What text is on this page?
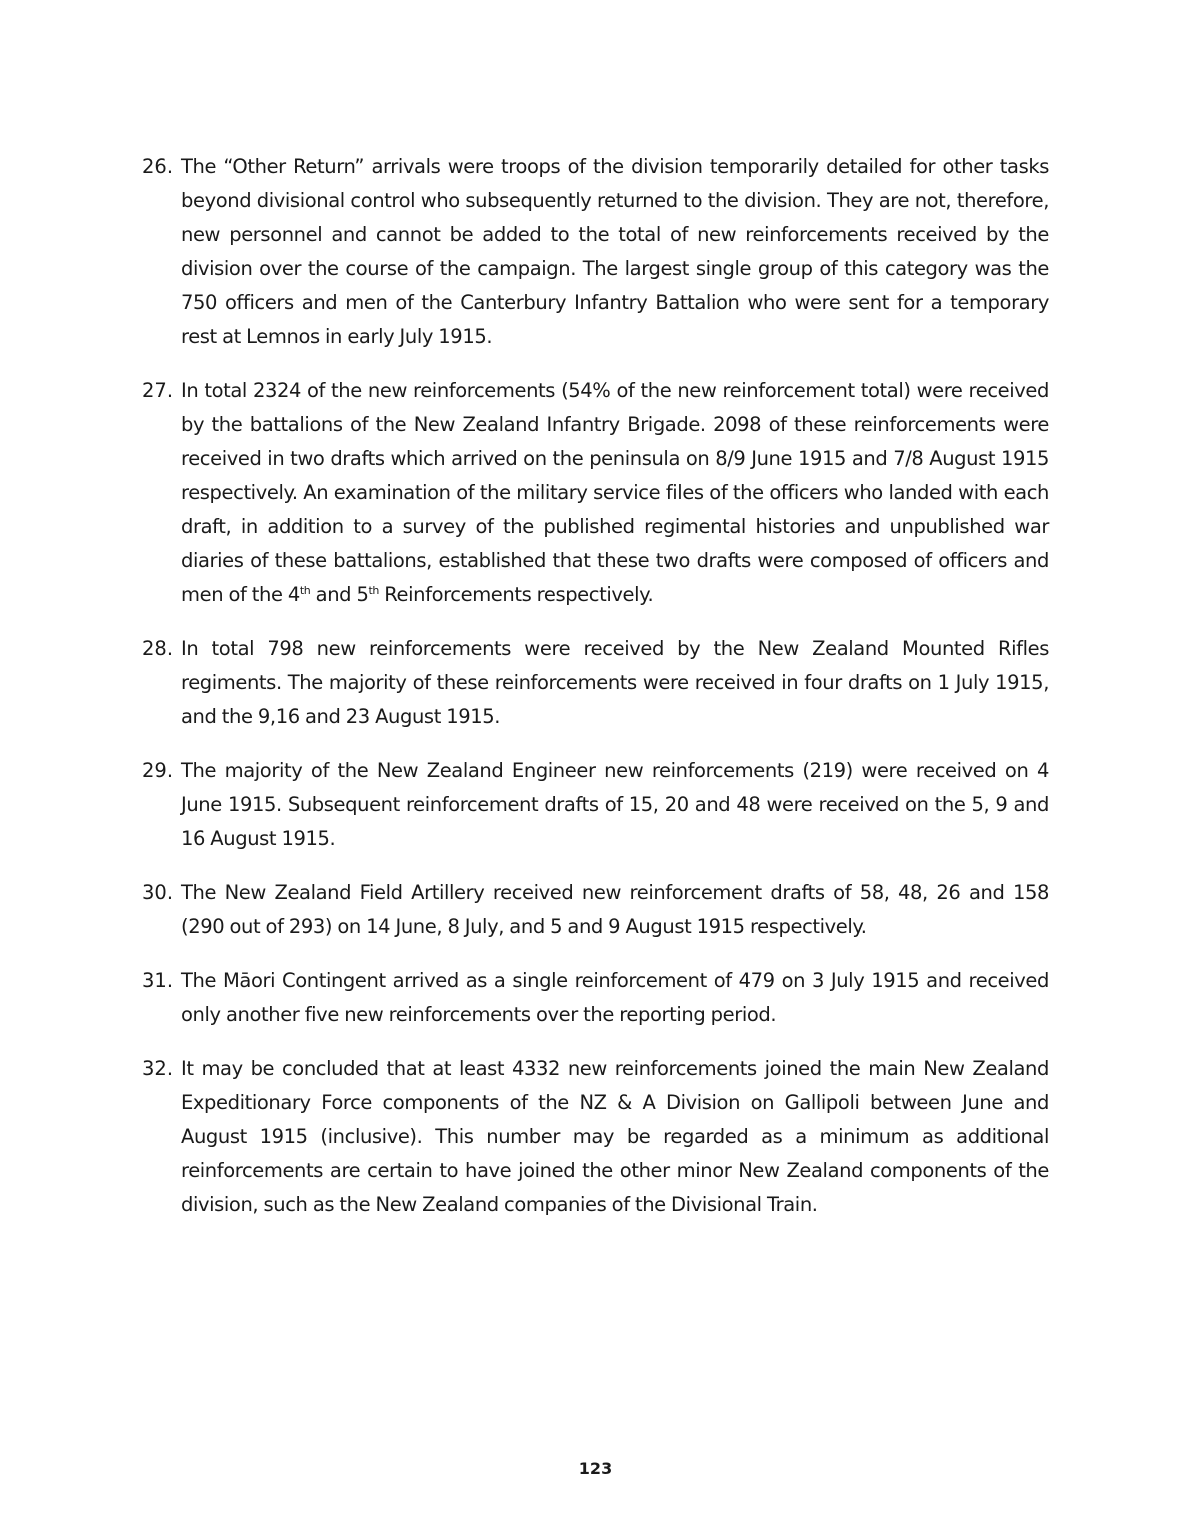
26. The “Other Return” arrivals were troops of the division temporarily detailed for other tasks beyond divisional control who subsequently returned to the division. They are not, therefore, new personnel and cannot be added to the total of new reinforcements received by the division over the course of the campaign. The largest single group of this category was the 750 officers and men of the Canterbury Infantry Battalion who were sent for a temporary rest at Lemnos in early July 1915.
27. In total 2324 of the new reinforcements (54% of the new reinforcement total) were received by the battalions of the New Zealand Infantry Brigade. 2098 of these reinforcements were received in two drafts which arrived on the peninsula on 8/9 June 1915 and 7/8 August 1915 respectively. An examination of the military service files of the officers who landed with each draft, in addition to a survey of the published regimental histories and unpublished war diaries of these battalions, established that these two drafts were composed of officers and men of the 4th and 5th Reinforcements respectively.
28. In total 798 new reinforcements were received by the New Zealand Mounted Rifles regiments. The majority of these reinforcements were received in four drafts on 1 July 1915, and the 9,16 and 23 August 1915.
29. The majority of the New Zealand Engineer new reinforcements (219) were received on 4 June 1915. Subsequent reinforcement drafts of 15, 20 and 48 were received on the 5, 9 and 16 August 1915.
30. The New Zealand Field Artillery received new reinforcement drafts of 58, 48, 26 and 158 (290 out of 293) on 14 June, 8 July, and 5 and 9 August 1915 respectively.
31. The Māori Contingent arrived as a single reinforcement of 479 on 3 July 1915 and received only another five new reinforcements over the reporting period.
32. It may be concluded that at least 4332 new reinforcements joined the main New Zealand Expeditionary Force components of the NZ & A Division on Gallipoli between June and August 1915 (inclusive). This number may be regarded as a minimum as additional reinforcements are certain to have joined the other minor New Zealand components of the division, such as the New Zealand companies of the Divisional Train.
123
